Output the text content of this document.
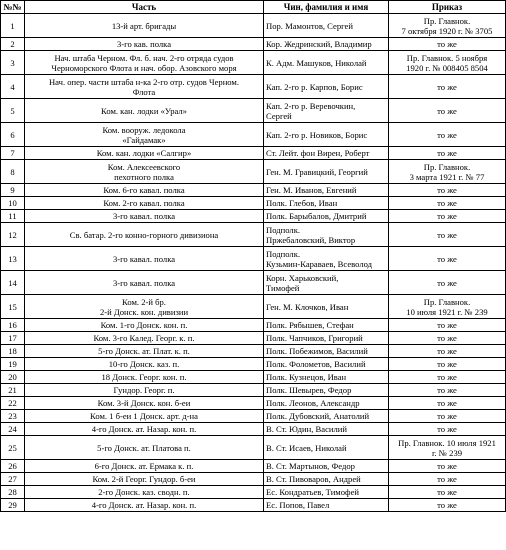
№№	Часть	Чин, фамилия и имя	Приказ
1	13-й арт. бригады	Пор. Мамонтов, Сергей	Пр. Главнок.
7 октября 1920 г. № 3705
2	3-го кав. полка	Кор. Жедринский, Владимир	то же
3	Нач. штаба Черном. Фл. б. нач. 2-го отряда судов
Черноморского Флота и нач. обор. Азовского моря	К. Адм. Машуков, Николай	Пр. Главнок. 5 ноября
1920 г. № 008405 8504
4	Нач. опер. части штаба н-ка 2-го отр. судов Черном.
Флота	Кап. 2-го р. Карпов, Борис	то же
5	Ком. кан. лодки «Урал»	Кап. 2-го р. Веревочкин,
Сергей	то же
6	Ком. вооруж. ледокола
«Гайдамак»	Кап. 2-го р. Новиков, Борис	то же
7	Ком. кан. лодки «Салгир»	Ст. Лейт. фон Вирен, Роберт	то же
8	Ком. Алексеевского
пехотного полка	Ген. М. Гравицкий, Георгий	Пр. Главнок.
3 марта 1921 г. № 77
9	Ком. 6-го кавал. полка	Ген. М. Иванов, Евгений	то же
10	Ком. 2-го кавал. полка	Полк. Глебов, Иван	то же
11	3-го кавал. полка	Полк. Барыбалов, Дмитрий	то же
12	Св. батар. 2-го конно-горного дивизиона	Подполк.
Пржебаловский, Виктор	то же
13	3-го кавал. полка	Подполк.
Кузьмин-Караваев, Всеволод	то же
14	3-го кавал. полка	Корн. Харьковский,
Тимофей	то же
15	Ком. 2-й бр.
2-й Донск. кон. дивизии	Ген. М. Клочков, Иван	Пр. Главнок.
10 июля 1921 г. № 239
16	Ком. 1-го Донск. кон. п.	Полк. Рябышев, Стефан	то же
17	Ком. 3-го Калед. Георг. к. п.	Полк. Чапчиков, Григорий	то же
18	5-го Донск. ат. Плат. к. п.	Полк. Побежимов, Василий	то же
19	10-го Донск. каз. п.	Полк. Фолометов, Василий	то же
20	18 Донск. Георг. кон. п.	Полк. Кузнецов, Иван	то же
21	Гундор. Георг. п.	Полк. Шевырев, Федор	то же
22	Ком. 3-й Донск. кон. б-еи	Полк. Леонов, Александр	то же
23	Ком. 1 б-еи 1 Донск. арт. д-на	Полк. Дубовский, Анатолий	то же
24	4-го Донск. ат. Назар. кон. п.	В. Ст. Юдин, Василий	то же
25	5-го Донск. ат. Платова п.	В. Ст. Исаев, Николай	Пр. Главнок. 10 июля 1921
г. № 239
26	6-го Донск. ат. Ермака к. п.	В. Ст. Мартынов, Федор	то же
27	Ком. 2-й Георг. Гундор. б-еи	В. Ст. Пивоваров, Андрей	то же
28	2-го Донск. каз. сводн. п.	Ес. Кондратьев, Тимофей	то же
29	4-го Донск. ат. Назар. кон. п.	Ес. Попов, Павел	то же
